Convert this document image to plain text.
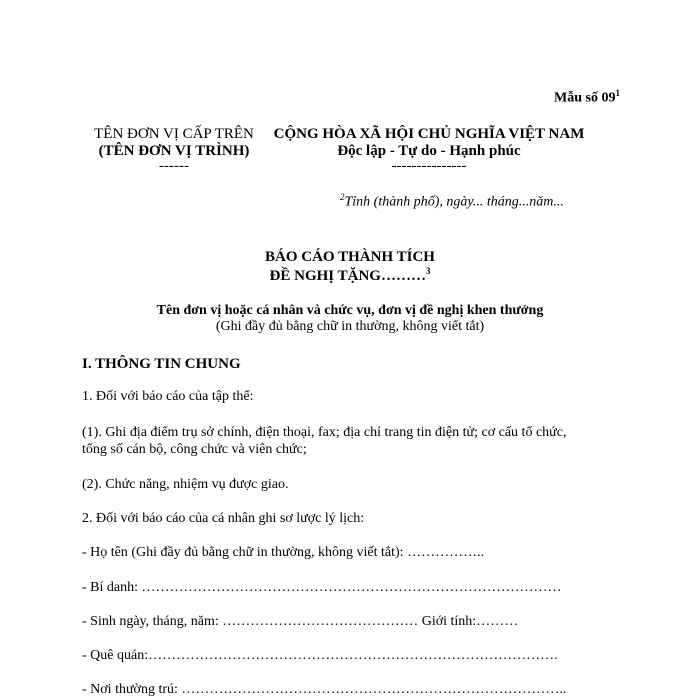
Mẫu số $09^1$
TÊN ĐƠN VỊ CẤP TRÊN
(TÊN ĐƠN VỊ TRÌNH)
------
CỘNG HÒA XÃ HỘI CHỦ NGHĨA VIỆT NAM
Độc lập - Tự do - Hạnh phúc
---------------
$^2$Tỉnh (thành phố), ngày... tháng...năm...
BÁO CÁO THÀNH TÍCH
ĐỀ NGHỊ TẶNG………$^3$
Tên đơn vị hoặc cá nhân và chức vụ, đơn vị đề nghị khen thưởng
(Ghi đầy đủ bằng chữ in thường, không viết tắt)
I. THÔNG TIN CHUNG
1. Đối với báo cáo của tập thể:
(1). Ghi địa điểm trụ sở chính, điện thoại, fax; địa chỉ trang tin điện tử; cơ cấu tổ chức,
tổng số cán bộ, công chức và viên chức;
(2). Chức năng, nhiệm vụ được giao.
2. Đối với báo cáo của cá nhân ghi sơ lược lý lịch:
- Họ tên (Ghi đầy đủ bằng chữ in thường, không viết tắt): ……………..
- Bí danh: ………………………………………………………………………………
- Sinh ngày, tháng, năm: …………………………………… Giới tính:………
- Quê quán:…………………………………………………………………………….
- Nơi thường trú: ………………………………………………………………………..
